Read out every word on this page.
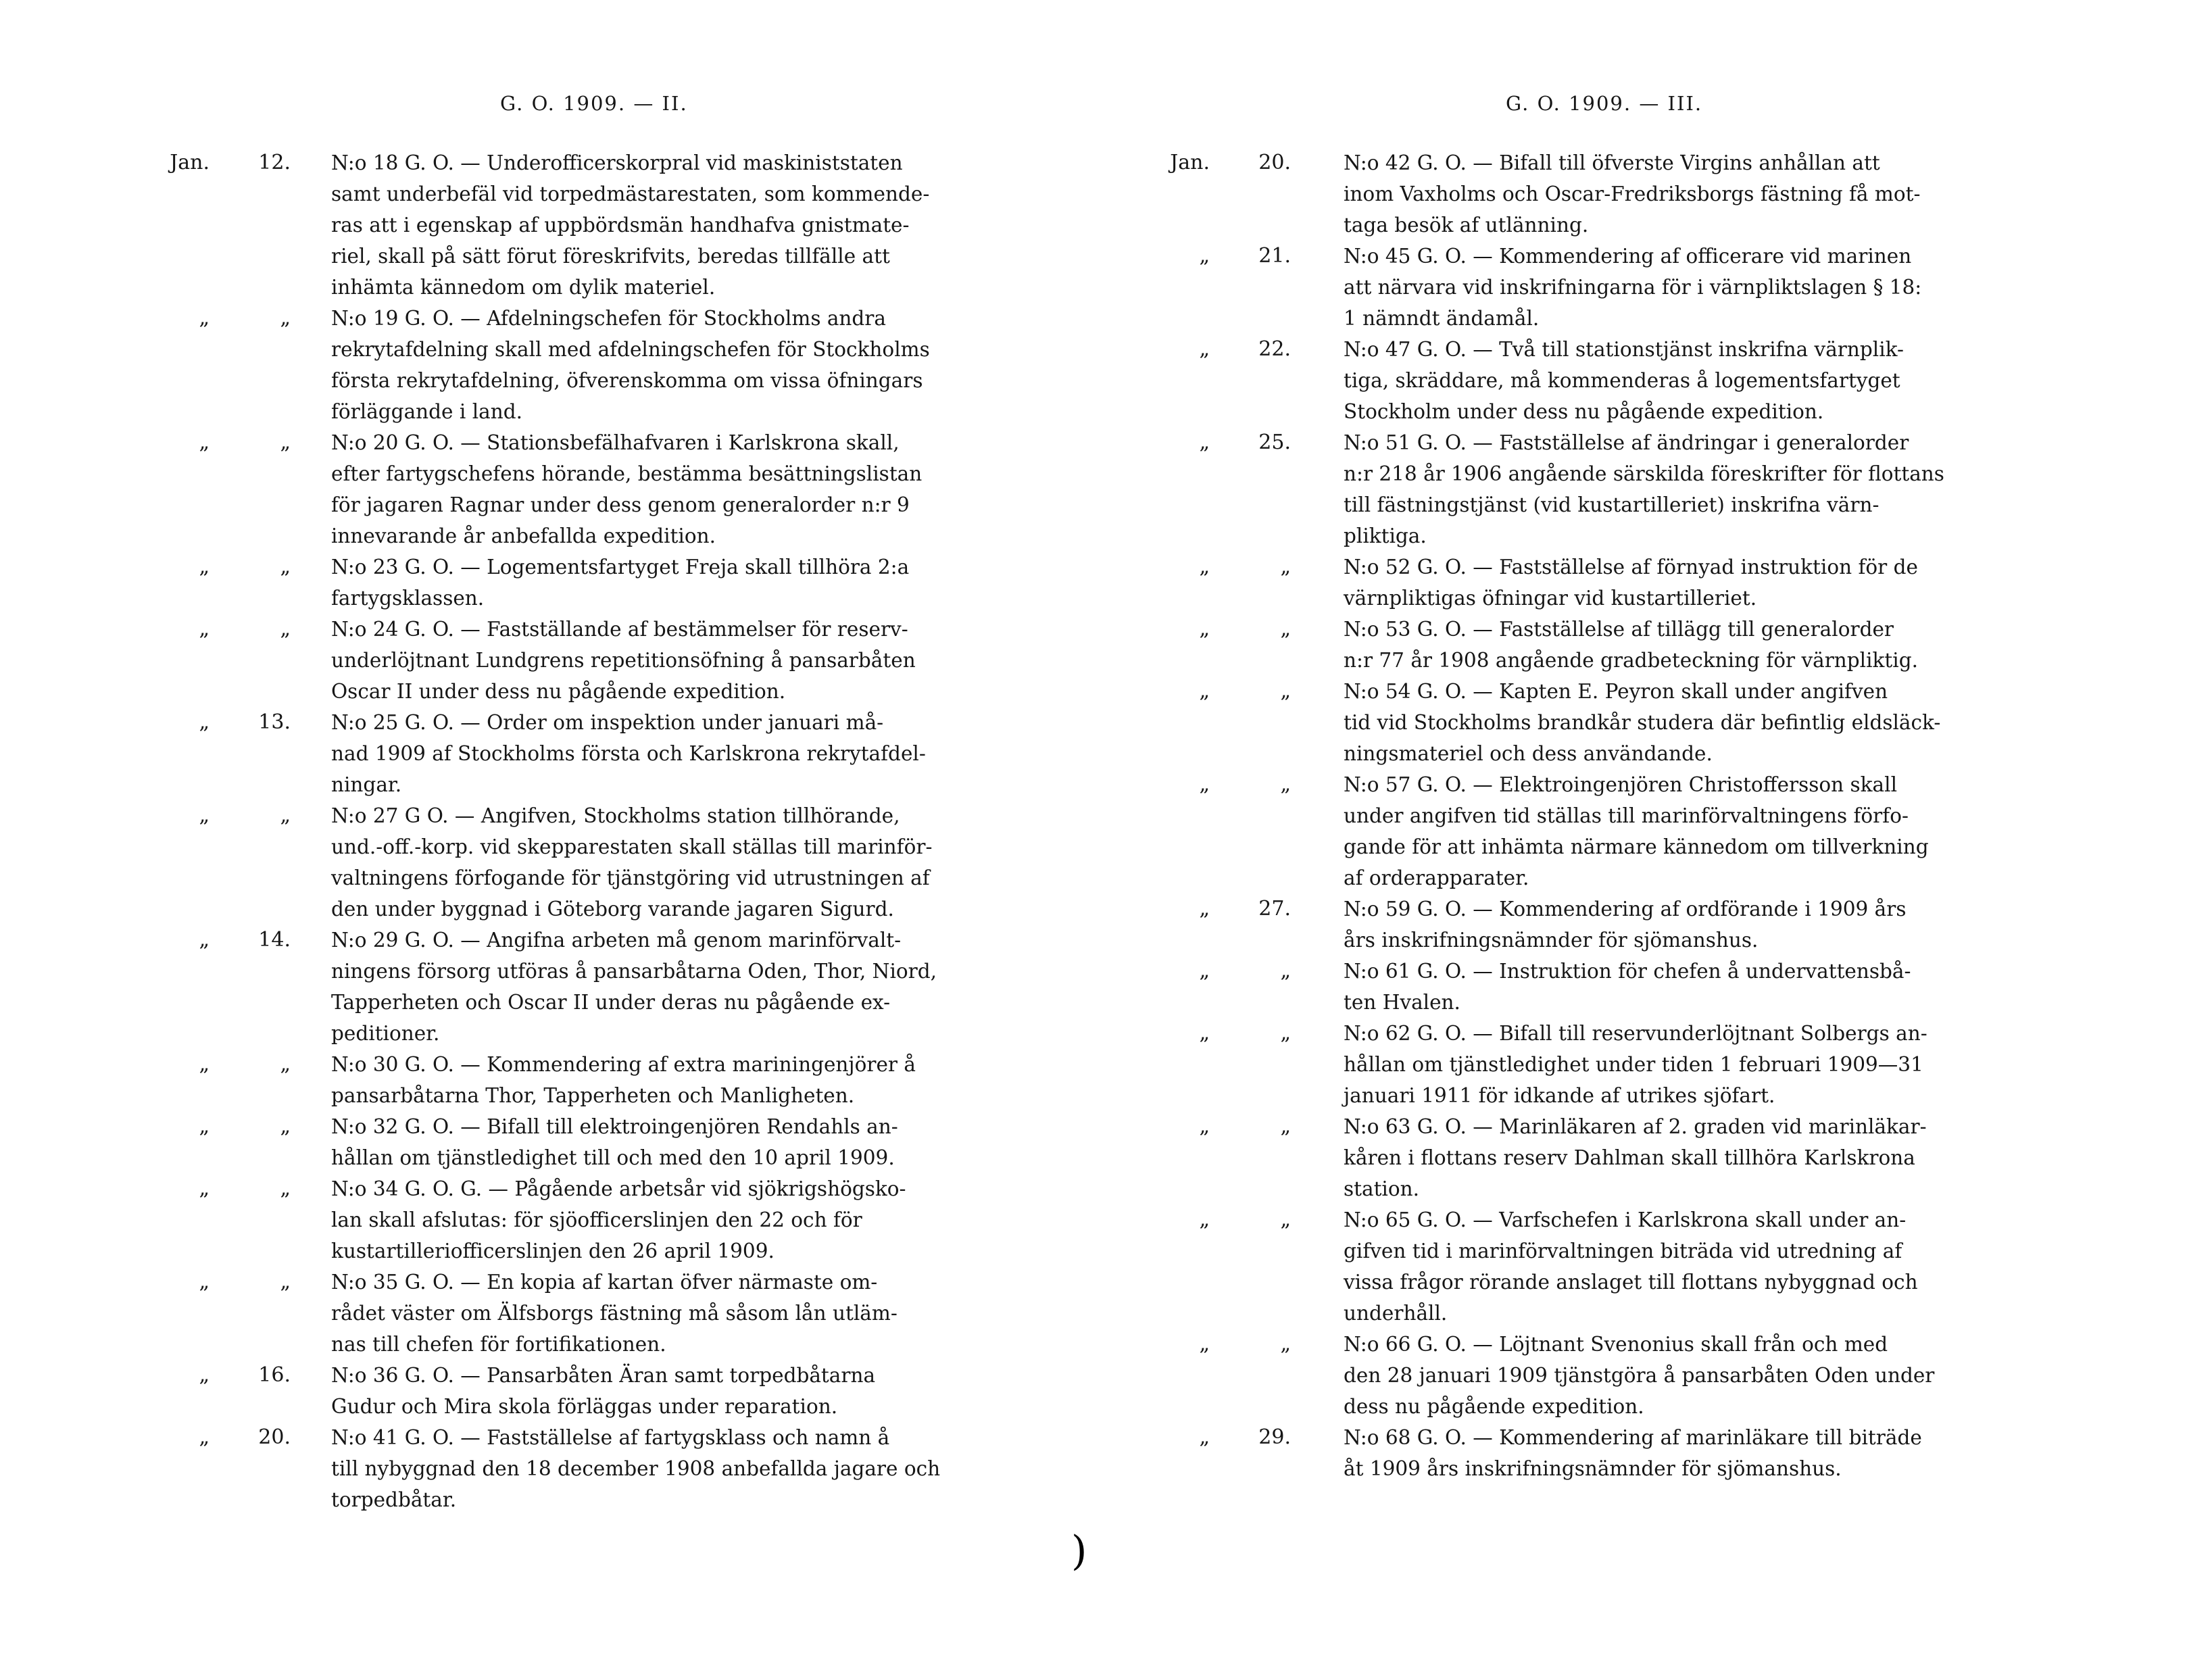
G. O. 1909. — II.
Jan.	12. N:o 18 G. O. — Underofficerskorpral vid maskiniststaten
samt underbefäl vid torpedmästarestaten, som kommende-
ras att i egenskap af uppbördsmän handhafva gnistmate-
riel, skall på sätt förut föreskrifvits, beredas tillfälle att
inhämta kännedom om dylik materiel.
„	„ N:o 19 G. O. — Afdelningschefen för Stockholms andra
rekrytafdelning skall med afdelningschefen för Stockholms
första rekrytafdelning, öfverenskomma om vissa öfningars
förläggande i land.
„	„ N:o 20 G. O. — Stationsbefälhafvaren i Karlskrona skall,
efter fartygschefens hörande, bestämma besättningslistan
för jagaren Ragnar under dess genom generalorder n:r 9
innevarande år anbefallda expedition.
„	„ N:o 23 G. O. — Logementsfartyget Freja skall tillhöra 2:a
fartygsklassen.
„	„ N:o 24 G. O. — Fastställande af bestämmelser för reserv-
underlöjtnant Lundgrens repetitionsöfning å pansarbåten
Oscar II under dess nu pågående expedition.
„	13. N:o 25 G. O. — Order om inspektion under januari må-
nad 1909 af Stockholms första och Karlskrona rekrytafdel-
ningar.
„	„ N:o 27 G O. — Angifven, Stockholms station tillhörande,
und.-off.-korp. vid skepparestaten skall ställas till marinför-
valtningens förfogande för tjänstgöring vid utrustningen af
den under byggnad i Göteborg varande jagaren Sigurd.
„	14. N:o 29 G. O. — Angifna arbeten må genom marinförvalt-
ningens försorg utföras å pansarbåtarna Oden, Thor, Niord,
Tapperheten och Oscar II under deras nu pågående ex-
peditioner.
„	„ N:o 30 G. O. — Kommendering af extra mariningenjörer å
pansarbåtarna Thor, Tapperheten och Manligheten.
„	„ N:o 32 G. O. — Bifall till elektroingenjören Rendahls an-
hållan om tjänstledighet till och med den 10 april 1909.
„	„ N:o 34 G. O. G. — Pågående arbetsår vid sjökrigshögsko-
lan skall afslutas: för sjöofficerslinjen den 22 och för
kustartilleriofficerslinjen den 26 april 1909.
„	„ N:o 35 G. O. — En kopia af kartan öfver närmaste om-
rådet väster om Älfsborgs fästning må såsom lån utläm-
nas till chefen för fortifikationen.
„	16. N:o 36 G. O. — Pansarbåten Äran samt torpedbåtarna
Gudur och Mira skola förläggas under reparation.
„	20. N:o 41 G. O. — Fastställelse af fartygsklass och namn å
till nybyggnad den 18 december 1908 anbefallda jagare och
torpedbåtar.
G. O. 1909. — III.
Jan.	20.	N:o 42 G. O. — Bifall till öfverste Virgins anhållan att
inom Vaxholms och Oscar-Fredriksborgs fästning få mot-
taga besök af utlänning.
„	21.	N:o 45 G. O. — Kommendering af officerare vid marinen
att närvara vid inskrifningarna för i värnpliktslagen § 18:
1 nämndt ändamål.
„	22.	N:o 47 G. O. — Två till stationstjänst inskrifna värnplik-
tiga, skräddare, må kommenderas å logementsfartyget
Stockholm under dess nu pågående expedition.
„	25.	N:o 51 G. O. — Fastställelse af ändringar i generalorder
n:r 218 år 1906 angående särskilda föreskrifter för flottans
till fästningstjänst (vid kustartilleriet) inskrifna värn-
pliktiga.
„	„	N:o 52 G. O. — Fastställelse af förnyad instruktion för de
värnpliktigas öfningar vid kustartilleriet.
„	„	N:o 53 G. O. — Fastställelse af tillägg till generalorder
n:r 77 år 1908 angående gradbeteckning för värnpliktig.
„	„	N:o 54 G. O. — Kapten E. Peyron skall under angifven
tid vid Stockholms brandkår studera där befintlig eldsläck-
ningsmateriel och dess användande.
„	„	N:o 57 G. O. — Elektroingenjören Christoffersson skall
under angifven tid ställas till marinförvaltningens förfo-
gande för att inhämta närmare kännedom om tillverkning
af orderapparater.
„	27.	N:o 59 G. O. — Kommendering af ordförande i 1909 års
års inskrifningsnämnder för sjömanshus.
„	„	N:o 61 G. O. — Instruktion för chefen å undervattensbå-
ten Hvalen.
„	„	N:o 62 G. O. — Bifall till reservunderlöjtnant Solbergs an-
hållan om tjänstledighet under tiden 1 februari 1909—31
januari 1911 för idkande af utrikes sjöfart.
„	„	N:o 63 G. O. — Marinläkaren af 2. graden vid marinläkar-
kåren i flottans reserv Dahlman skall tillhöra Karlskrona
station.
„	„	N:o 65 G. O. — Varfschefen i Karlskrona skall under an-
gifven tid i marinförvaltningen biträda vid utredning af
vissa frågor rörande anslaget till flottans nybyggnad och
underhåll.
„	„	N:o 66 G. O. — Löjtnant Svenonius skall från och med
den 28 januari 1909 tjänstgöra å pansarbåten Oden under
dess nu pågående expedition.
„	29.	N:o 68 G. O. — Kommendering af marinläkare till biträde
åt 1909 års inskrifningsnämnder för sjömanshus.
)
